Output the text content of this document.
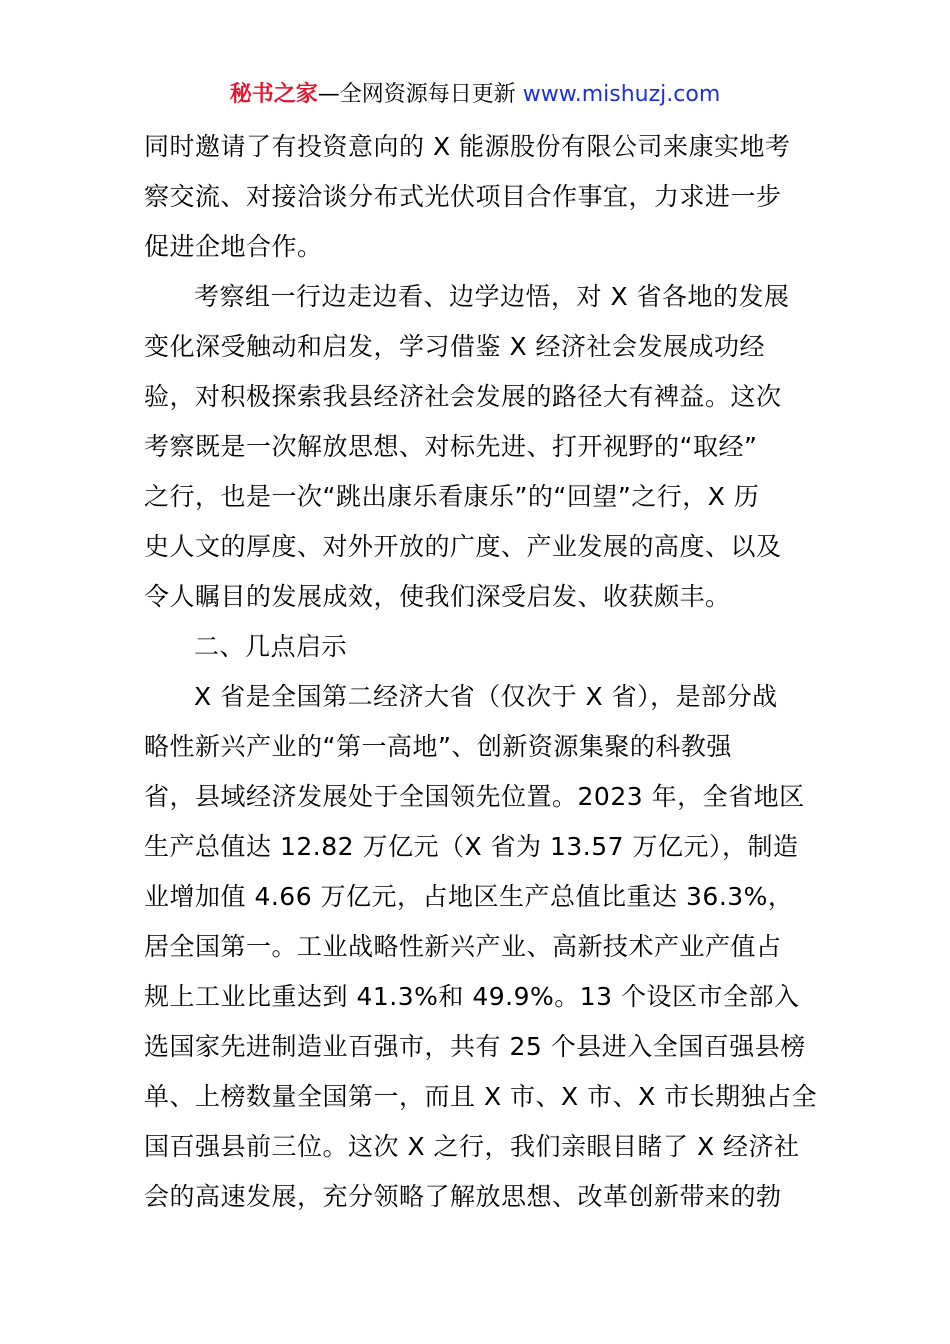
秘书之家—全网资源每日更新 www.mishuzj.com
同时邀请了有投资意向的 X 能源股份有限公司来康实地考
察交流、对接洽谈分布式光伏项目合作事宜，力求进一步
促进企地合作。
考察组一行边走边看、边学边悟，对 X 省各地的发展
变化深受触动和启发，学习借鉴 X 经济社会发展成功经
验，对积极探索我县经济社会发展的路径大有裨益。这次
考察既是一次解放思想、对标先进、打开视野的“取经”
之行，也是一次“跳出康乐看康乐”的“回望”之行，X 历
史人文的厚度、对外开放的广度、产业发展的高度、以及
令人瞩目的发展成效，使我们深受启发、收获颇丰。
二、几点启示
X 省是全国第二经济大省（仅次于 X 省），是部分战
略性新兴产业的“第一高地”、创新资源集聚的科教强
省，县域经济发展处于全国领先位置。2023 年，全省地区
生产总值达 12.82 万亿元（X 省为 13.57 万亿元），制造
业增加值 4.66 万亿元，占地区生产总值比重达 36.3%，
居全国第一。工业战略性新兴产业、高新技术产业产值占
规上工业比重达到 41.3%和 49.9%。13 个设区市全部入
选国家先进制造业百强市，共有 25 个县进入全国百强县榜
单、上榜数量全国第一，而且 X 市、X 市、X 市长期独占全
国百强县前三位。这次 X 之行，我们亲眼目睹了 X 经济社
会的高速发展，充分领略了解放思想、改革创新带来的勃
